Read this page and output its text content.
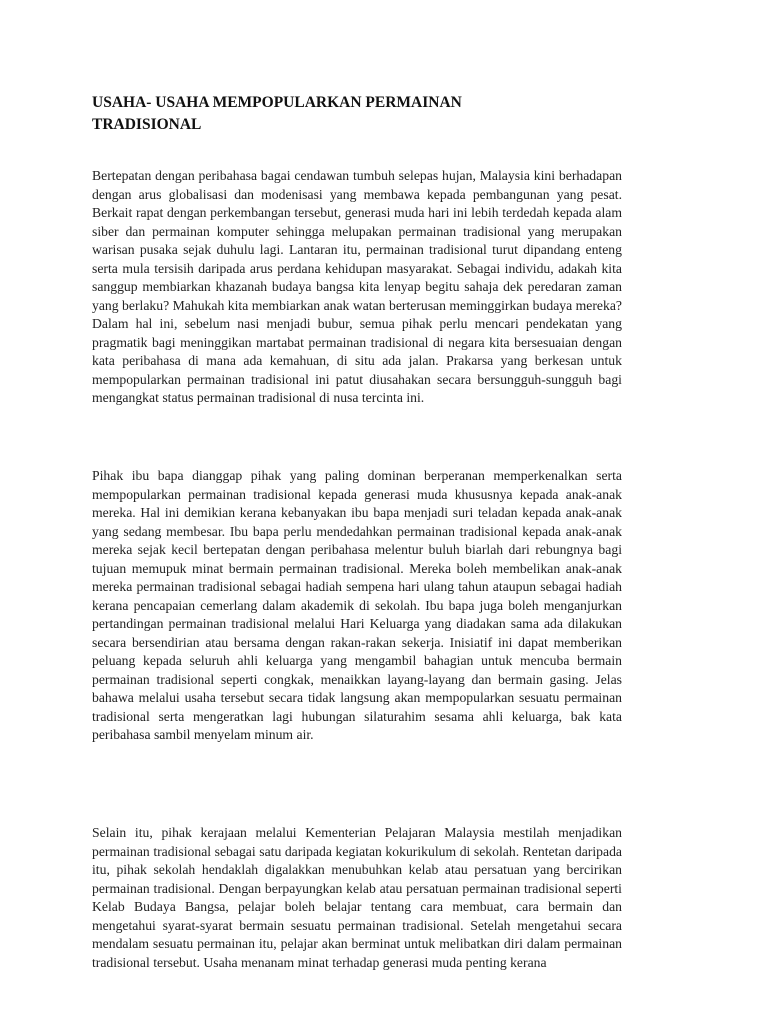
USAHA- USAHA MEMPOPULARKAN PERMAINAN TRADISIONAL

Bertepatan dengan peribahasa bagai cendawan tumbuh selepas hujan, Malaysia kini berhadapan dengan arus globalisasi dan modenisasi yang membawa kepada pembangunan yang pesat. Berkait rapat dengan perkembangan tersebut, generasi muda hari ini lebih terdedah kepada alam siber dan permainan komputer sehingga melupakan permainan tradisional yang merupakan warisan pusaka sejak duhulu lagi. Lantaran itu, permainan tradisional turut dipandang enteng serta mula tersisih daripada arus perdana kehidupan masyarakat. Sebagai individu, adakah kita sanggup membiarkan khazanah budaya bangsa kita lenyap begitu sahaja dek peredaran zaman yang berlaku? Mahukah kita membiarkan anak watan berterusan meminggirkan budaya mereka? Dalam hal ini, sebelum nasi menjadi bubur, semua pihak perlu mencari pendekatan yang pragmatik bagi meninggikan martabat permainan tradisional di negara kita bersesuaian dengan kata peribahasa di mana ada kemahuan, di situ ada jalan. Prakarsa yang berkesan untuk mempopularkan permainan tradisional ini patut diusahakan secara bersungguh-sungguh bagi mengangkat status permainan tradisional di nusa tercinta ini.

Pihak ibu bapa dianggap pihak yang paling dominan berperanan memperkenalkan serta mempopularkan permainan tradisional kepada generasi muda khususnya kepada anak-anak mereka. Hal ini demikian kerana kebanyakan ibu bapa menjadi suri teladan kepada anak-anak yang sedang membesar. Ibu bapa perlu mendedahkan permainan tradisional kepada anak-anak mereka sejak kecil bertepatan dengan peribahasa melentur buluh biarlah dari rebungnya bagi tujuan memupuk minat bermain permainan tradisional. Mereka boleh membelikan anak-anak mereka permainan tradisional sebagai hadiah sempena hari ulang tahun ataupun sebagai hadiah kerana pencapaian cemerlang dalam akademik di sekolah. Ibu bapa juga boleh menganjurkan pertandingan permainan tradisional melalui Hari Keluarga yang diadakan sama ada dilakukan secara bersendirian atau bersama dengan rakan-rakan sekerja. Inisiatif ini dapat memberikan peluang kepada seluruh ahli keluarga yang mengambil bahagian untuk mencuba bermain permainan tradisional seperti congkak, menaikkan layang-layang dan bermain gasing. Jelas bahawa melalui usaha tersebut secara tidak langsung akan mempopularkan sesuatu permainan tradisional serta mengeratkan lagi hubungan silaturahim sesama ahli keluarga, bak kata peribahasa sambil menyelam minum air.

Selain itu, pihak kerajaan melalui Kementerian Pelajaran Malaysia mestilah menjadikan permainan tradisional sebagai satu daripada kegiatan kokurikulum di sekolah. Rentetan daripada itu, pihak sekolah hendaklah digalakkan menubuhkan kelab atau persatuan yang bercirikan permainan tradisional. Dengan berpayungkan kelab atau persatuan permainan tradisional seperti Kelab Budaya Bangsa, pelajar boleh belajar tentang cara membuat, cara bermain dan mengetahui syarat-syarat bermain sesuatu permainan tradisional. Setelah mengetahui secara mendalam sesuatu permainan itu, pelajar akan berminat untuk melibatkan diri dalam permainan tradisional tersebut. Usaha menanam minat terhadap generasi muda penting kerana
